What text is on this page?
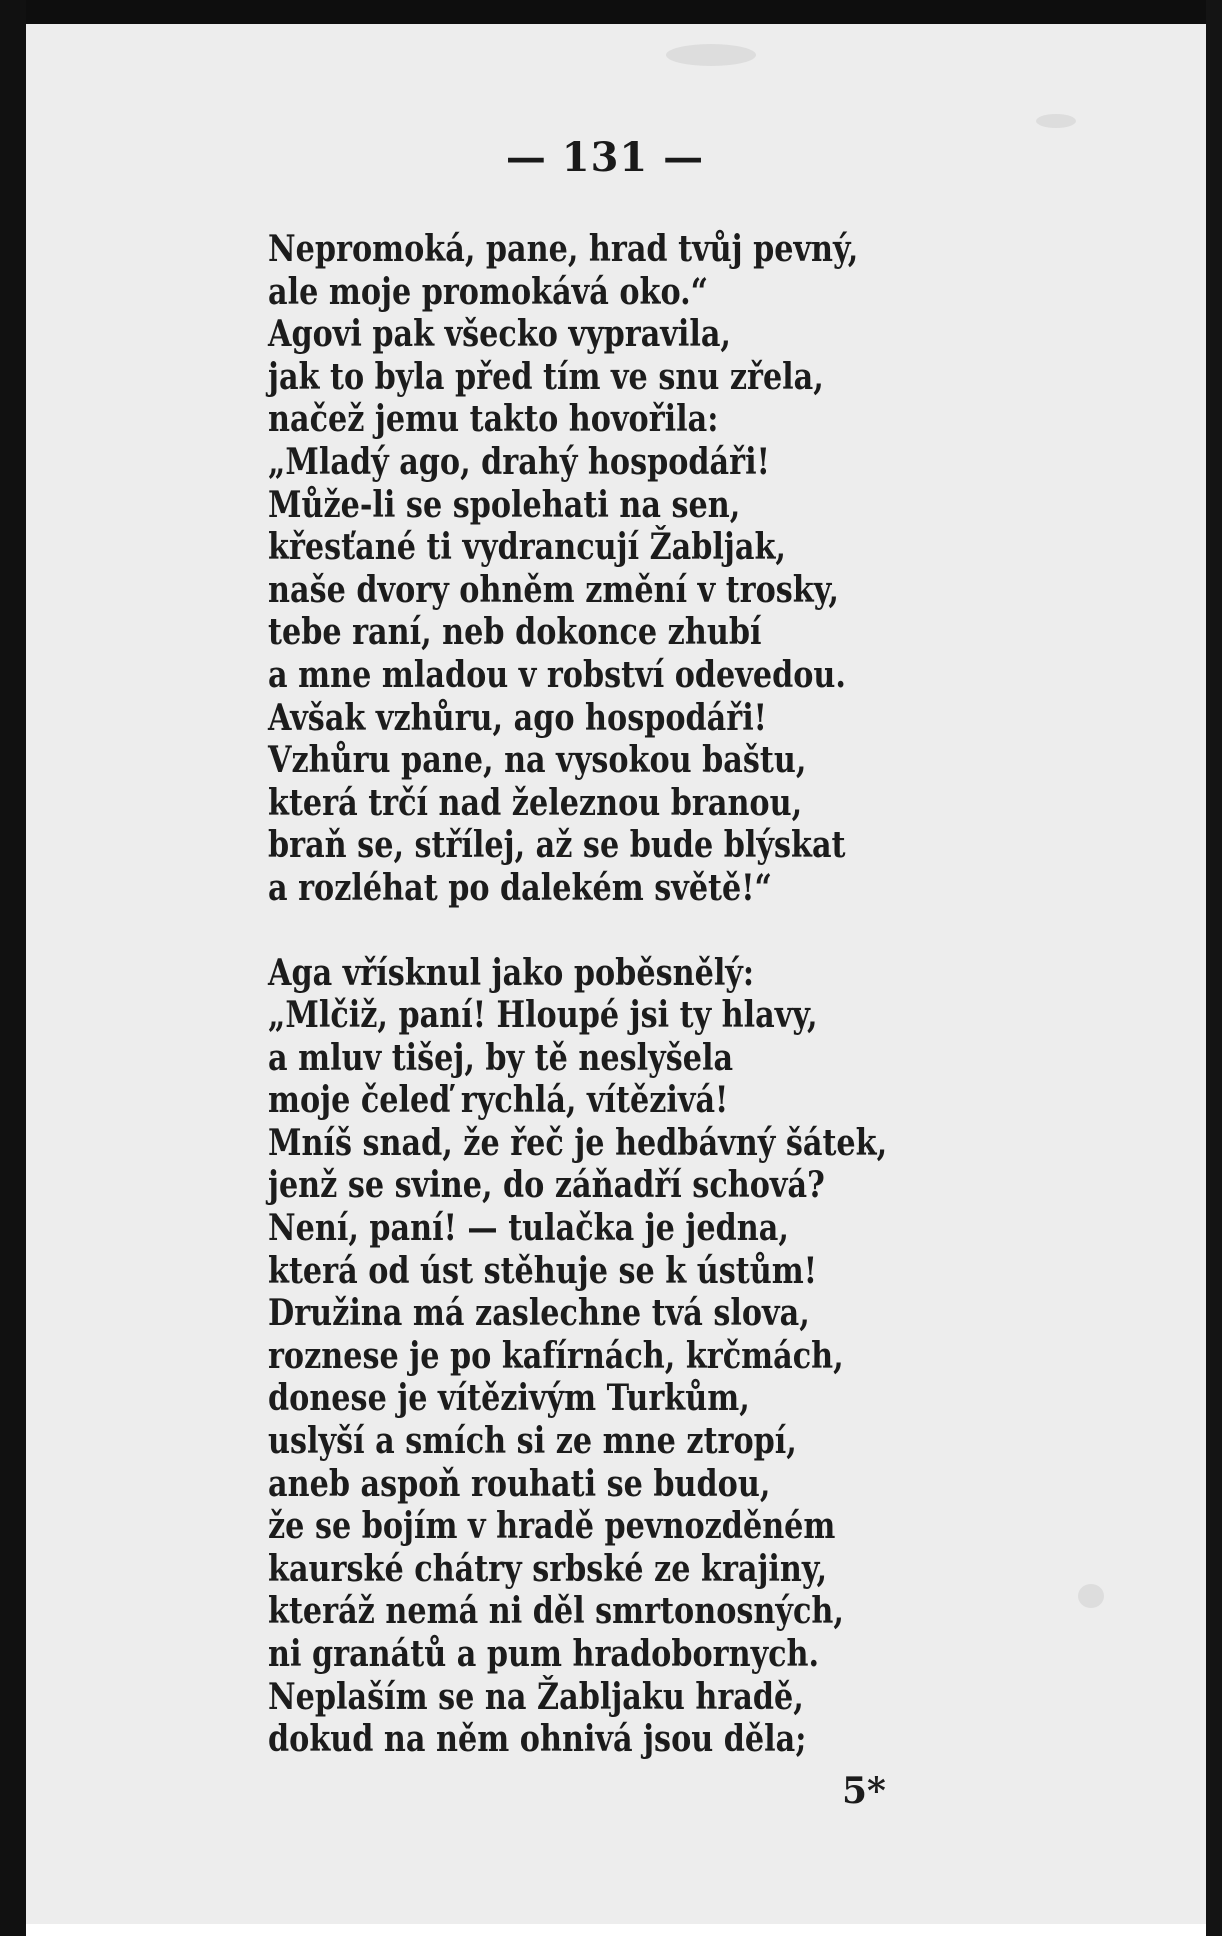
— 131 —
Nepromoká, pane, hrad tvůj pevný,
ale moje promokává oko.“
Agovi pak všecko vypravila,
jak to byla před tím ve snu zřela,
načež jemu takto hovořila:
„Mladý ago, drahý hospodáři!
Může-li se spolehati na sen,
křesťané ti vydrancují Žabljak,
naše dvory ohněm změní v trosky,
tebe raní, neb dokonce zhubí
a mne mladou v robství odevedou.
Avšak vzhůru, ago hospodáři!
Vzhůru pane, na vysokou baštu,
která trčí nad železnou branou,
braň se, střílej, až se bude blýskat
a rozléhat po dalekém světě!“
Aga vřísknul jako poběsnělý:
„Mlčiž, paní! Hloupé jsi ty hlavy,
a mluv tišej, by tě neslyšela
moje čeleď rychlá, vítězivá!
Mníš snad, že řeč je hedbávný šátek,
jenž se svine, do záňadří schová?
Není, paní! — tulačka je jedna,
která od úst stěhuje se k ústům!
Družina má zaslechne tvá slova,
roznese je po kafírnách, krčmách,
donese je vítězivým Turkům,
uslyší a smích si ze mne ztropí,
aneb aspoň rouhati se budou,
že se bojím v hradě pevnozděném
kaurské chátry srbské ze krajiny,
kteráž nemá ni děl smrtonosných,
ni granátů a pum hradobornych.
Neplaším se na Žabljaku hradě,
dokud na něm ohnivá jsou děla;
5*
